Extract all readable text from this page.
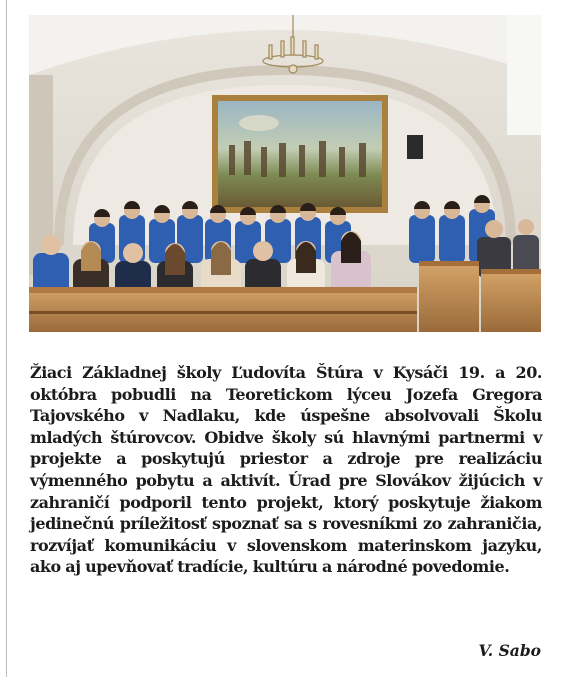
Žiaci Základnej školy Ľudovíta Štúra v Kysáči 19. a 20. októbra pobudli na Teoretickom lýceu Jozefa Gregora Tajovského v Nadlaku, kde úspešne absolvovali Školu mladých štúrovcov. Obidve školy sú hlavnými partnermi v projekte a poskytujú priestor a zdroje pre realizáciu výmenného pobytu a aktivít. Úrad pre Slovákov žijúcich v zahraničí podporil tento projekt, ktorý poskytuje žiakom jedinečnú príležitosť spoznať sa s rovesníkmi zo zahraničia, rozvíjať komunikáciu v slovenskom materinskom jazyku, ako aj upevňovať tradície, kultúru a národné povedomie.

V. Sabo
